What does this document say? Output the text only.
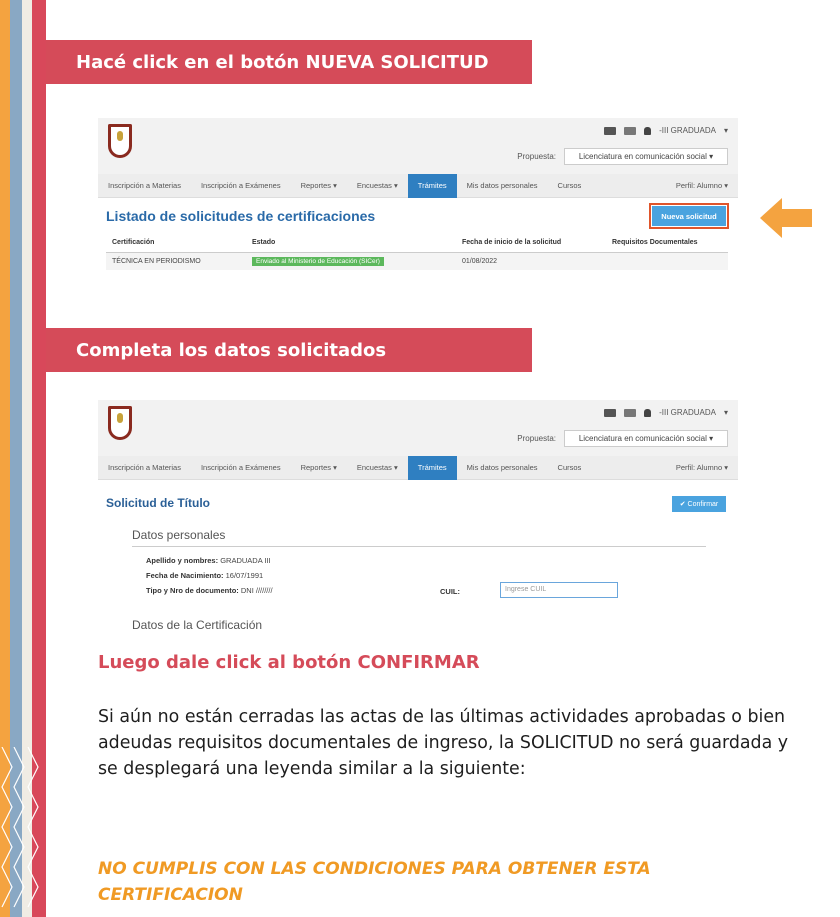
Hacé click en el botón NUEVA SOLICITUD
-III GRADUADA ▾
Propuesta:	Licenciatura en comunicación social ▾
Inscripción a Materias	Inscripción a Exámenes	Reportes ▾	Encuestas ▾	Trámites	Mis datos personales	Cursos	Perfil: Alumno ▾
Listado de solicitudes de certificaciones	Nueva solicitud
Certificación	Estado	Fecha de inicio de la solicitud	Requisitos Documentales
TÉCNICA EN PERIODISMO	Enviado al Ministerio de Educación (SICer)	01/08/2022	
Completa los datos solicitados
-III GRADUADA ▾
Propuesta:	Licenciatura en comunicación social ▾
Inscripción a Materias	Inscripción a Exámenes	Reportes ▾	Encuestas ▾	Trámites	Mis datos personales	Cursos	Perfil: Alumno ▾
Solicitud de Título	✔ Confirmar
Datos personales
Apellido y nombres: GRADUADA III
Fecha de Nacimiento: 16/07/1991
Tipo y Nro de documento: DNI ////////	CUIL:	Ingrese CUIL
Datos de la Certificación
Luego dale click al botón CONFIRMAR
Si aún no están cerradas las actas de las últimas actividades aprobadas o bien adeudas requisitos documentales de ingreso, la SOLICITUD no será guardada y se desplegará una leyenda similar a la siguiente:
NO CUMPLIS CON LAS CONDICIONES PARA OBTENER ESTA CERTIFICACION
